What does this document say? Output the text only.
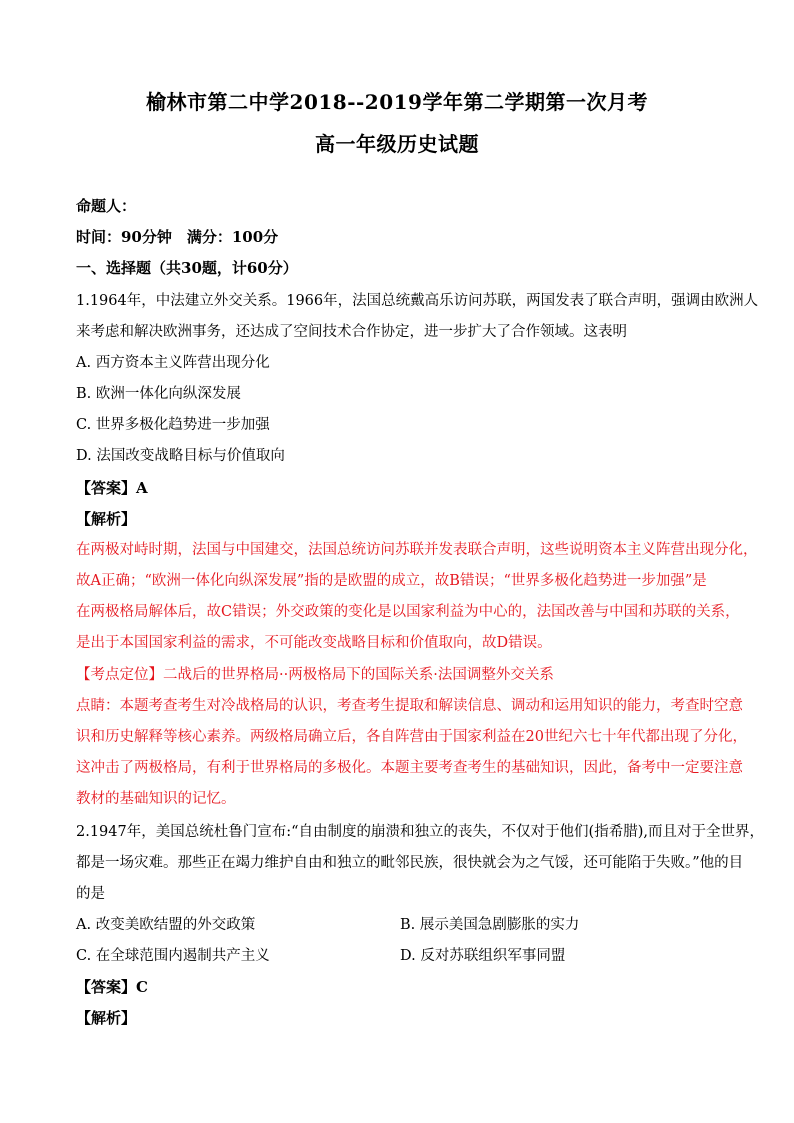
榆林市第二中学2018--2019学年第二学期第一次月考
高一年级历史试题
命题人：
时间：90分钟　满分：100分
一、选择题（共30题，计60分）
1.1964年，中法建立外交关系。1966年，法国总统戴高乐访问苏联，两国发表了联合声明，强调由欧洲人
来考虑和解决欧洲事务，还达成了空间技术合作协定，进一步扩大了合作领域。这表明
A. 西方资本主义阵营出现分化
B. 欧洲一体化向纵深发展
C. 世界多极化趋势进一步加强
D. 法国改变战略目标与价值取向
【答案】A
【解析】
在两极对峙时期，法国与中国建交，法国总统访问苏联并发表联合声明，这些说明资本主义阵营出现分化，
故A正确；“欧洲一体化向纵深发展”指的是欧盟的成立，故B错误；“世界多极化趋势进一步加强”是
在两极格局解体后，故C错误；外交政策的变化是以国家利益为中心的，法国改善与中国和苏联的关系，
是出于本国国家利益的需求，不可能改变战略目标和价值取向，故D错误。
【考点定位】二战后的世界格局··两极格局下的国际关系·法国调整外交关系
点睛：本题考查考生对冷战格局的认识，考查考生提取和解读信息、调动和运用知识的能力，考查时空意
识和历史解释等核心素养。两级格局确立后，各自阵营由于国家利益在20世纪六七十年代都出现了分化，
这冲击了两极格局，有利于世界格局的多极化。本题主要考查考生的基础知识，因此，备考中一定要注意
教材的基础知识的记忆。
2.1947年，美国总统杜鲁门宣布:“自由制度的崩溃和独立的丧失，不仅对于他们(指希腊),而且对于全世界，
都是一场灾难。那些正在竭力维护自由和独立的毗邻民族，很快就会为之气馁，还可能陷于失败。”他的目
的是
A. 改变美欧结盟的外交政策	B. 展示美国急剧膨胀的实力
C. 在全球范围内遏制共产主义	D. 反对苏联组织军事同盟
【答案】C
【解析】
